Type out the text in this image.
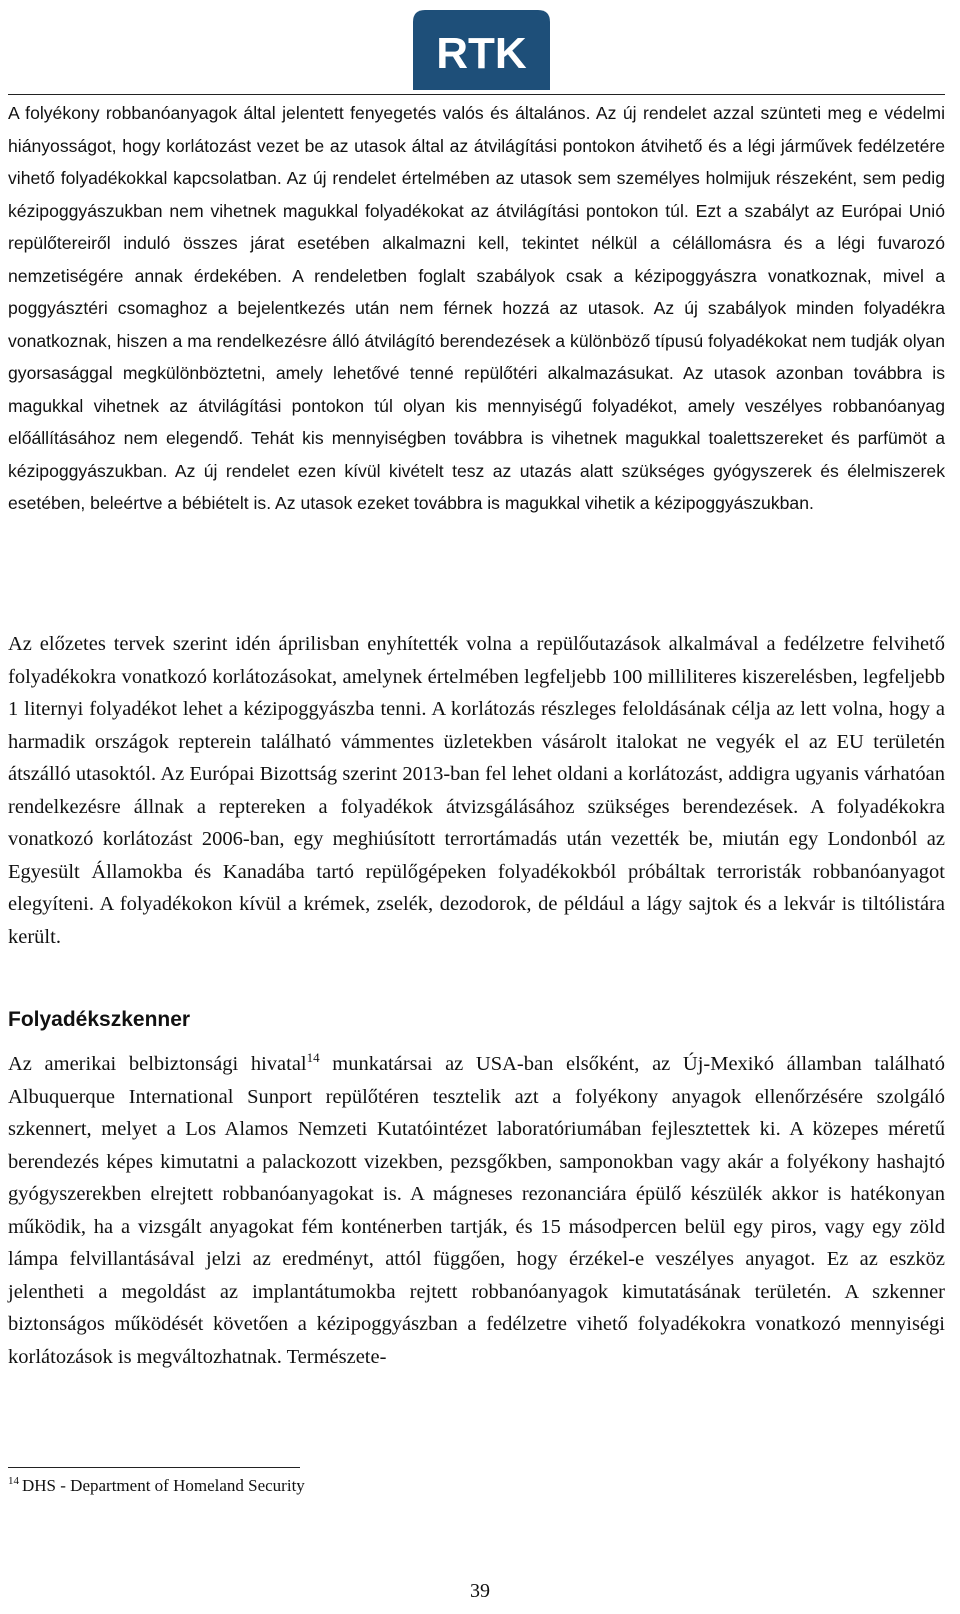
RTK

A folyékony robbanóanyagok által jelentett fenyegetés valós és általános. Az új rendelet azzal szünteti meg e védelmi hiányosságot, hogy korlátozást vezet be az utasok által az átvilágítási pontokon átvihető és a légi járművek fedélzetére vihető folyadékokkal kapcsolatban. Az új rendelet értelmében az utasok sem személyes holmijuk részeként, sem pedig kézipoggyászukban nem vihetnek magukkal folyadékokat az átvilágítási pontokon túl. Ezt a szabályt az Európai Unió repülőtereiről induló összes járat esetében alkalmazni kell, tekintet nélkül a célállomásra és a légi fuvarozó nemzetiségére annak érdekében. A rendeletben foglalt szabályok csak a kézipoggyászra vonatkoznak, mivel a poggyásztéri csomaghoz a bejelentkezés után nem férnek hozzá az utasok. Az új szabályok minden folyadékra vonatkoznak, hiszen a ma rendelkezésre álló átvilágító berendezések a különböző típusú folyadékokat nem tudják olyan gyorsasággal megkülönböztetni, amely lehetővé tenné repülőtéri alkalmazásukat. Az utasok azonban továbbra is magukkal vihetnek az átvilágítási pontokon túl olyan kis mennyiségű folyadékot, amely veszélyes robbanóanyag előállításához nem elegendő. Tehát kis mennyiségben továbbra is vihetnek magukkal toalettszereket és parfümöt a kézipoggyászukban. Az új rendelet ezen kívül kivételt tesz az utazás alatt szükséges gyógyszerek és élelmiszerek esetében, beleértve a bébiételt is. Az utasok ezeket továbbra is magukkal vihetik a kézipoggyászukban.

Az előzetes tervek szerint idén áprilisban enyhítették volna a repülőutazások alkalmával a fedélzetre felvihető folyadékokra vonatkozó korlátozásokat, amelynek értelmében legfeljebb 100 milliliteres kiszerelésben, legfeljebb 1 liternyi folyadékot lehet a kézipoggyászba tenni. A korlátozás részleges feloldásának célja az lett volna, hogy a harmadik országok repterein található vámmentes üzletekben vásárolt italokat ne vegyék el az EU területén átszálló utasoktól. Az Európai Bizottság szerint 2013-ban fel lehet oldani a korlátozást, addigra ugyanis várhatóan rendelkezésre állnak a reptereken a folyadékok átvizsgálásához szükséges berendezések. A folyadékokra vonatkozó korlátozást 2006-ban, egy meghiúsított terrortámadás után vezették be, miután egy Londonból az Egyesült Államokba és Kanadába tartó repülőgépeken folyadékokból próbáltak terroristák robbanóanyagot elegyíteni. A folyadékokon kívül a krémek, zselék, dezodorok, de például a lágy sajtok és a lekvár is tiltólistára került.

Folyadékszkenner

Az amerikai belbiztonsági hivatal$^{14}$ munkatársai az USA-ban elsőként, az Új-Mexikó államban található Albuquerque International Sunport repülőtéren tesztelik azt a folyékony anyagok ellenőrzésére szolgáló szkennert, melyet a Los Alamos Nemzeti Kutatóintézet laboratóriumában fejlesztettek ki. A közepes méretű berendezés képes kimutatni a palackozott vizekben, pezsgőkben, samponokban vagy akár a folyékony hashajtó gyógyszerekben elrejtett robbanóanyagokat is. A mágneses rezonanciára épülő készülék akkor is hatékonyan működik, ha a vizsgált anyagokat fém konténerben tartják, és 15 másodpercen belül egy piros, vagy egy zöld lámpa felvillantásával jelzi az eredményt, attól függően, hogy érzékel-e veszélyes anyagot. Ez az eszköz jelentheti a megoldást az implantátumokba rejtett robbanóanyagok kimutatásának területén. A szkenner biztonságos működését követően a kézipoggyászban a fedélzetre vihető folyadékokra vonatkozó mennyiségi korlátozások is megváltozhatnak. Természete-

$^{14}$ DHS - Department of Homeland Security

39
